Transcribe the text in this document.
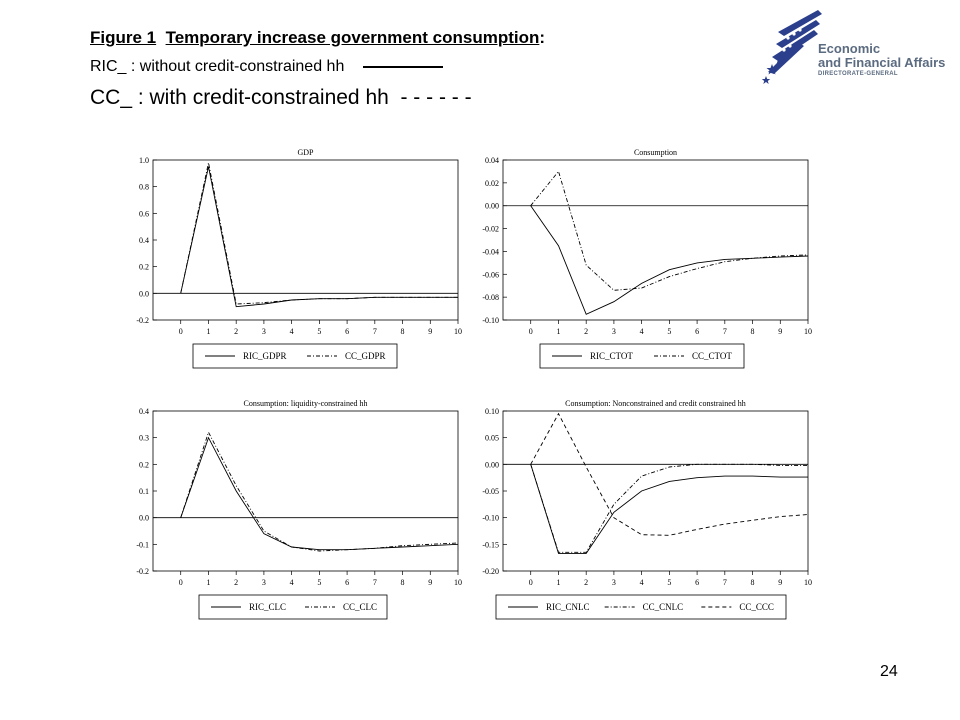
Figure 1 Temporary increase government consumption:
RIC_ : without credit-constrained hh
CC_ : with credit-constrained hh - - - - - -
Economic
and Financial Affairs
DIRECTORATE-GENERAL
GDP
1.0
0.8
0.6
0.4
0.2
0.0
-0.2
0	1	2	3	4	5	6	7	8	9	10
RIC_GDPR	CC_GDPR
Consumption
0.04
0.02
0.00
-0.02
-0.04
-0.06
-0.08
-0.10
0	1	2	3	4	5	6	7	8	9	10
RIC_CTOT	CC_CTOT
Consumption: liquidity-constrained hh
0.4
0.3
0.2
0.1
0.0
-0.1
-0.2
0	1	2	3	4	5	6	7	8	9	10
RIC_CLC	CC_CLC
Consumption: Nonconstrained and credit constrained hh
0.10
0.05
0.00
-0.05
-0.10
-0.15
-0.20
0	1	2	3	4	5	6	7	8	9	10
RIC_CNLC	CC_CNLC	CC_CCC
24
